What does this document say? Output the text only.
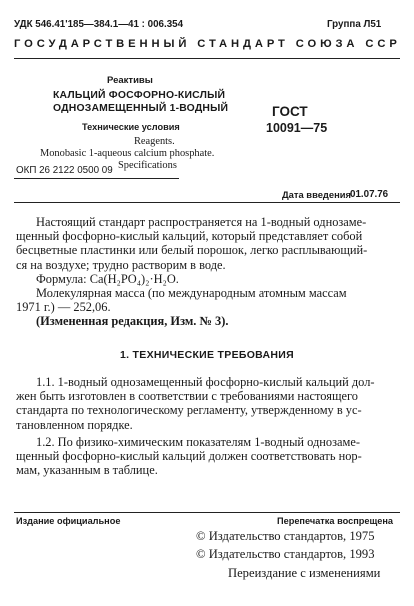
УДК 546.41'185—384.1—41 : 006.354	Группа Л51
ГОСУДАРСТВЕННЫЙ СТАНДАРТ СОЮЗА ССР
Реактивы
КАЛЬЦИЙ ФОСФОРНО-КИСЛЫЙ
ОДНОЗАМЕЩЕННЫЙ 1-ВОДНЫЙ
Технические условия
Reagents.
Monobasic 1-aqueous calcium phosphate.
Specifications
ОКП 26 2122 0500 09
ГОСТ
10091—75
Дата введения 01.07.76

Настоящий стандарт распространяется на 1-водный однозаме-

щенный фосфорно-кислый кальций, который представляет собой

бесцветные пластинки или белый порошок, легко расплывающий-

ся на воздухе; трудно растворим в воде.

Формула: Ca(H₂PO₄)₂·H₂O.

Молекулярная масса (по международным атомным массам

1971 г.) — 252,06.

(Измененная редакция, Изм. № 3).

1. ТЕХНИЧЕСКИЕ ТРЕБОВАНИЯ

1.1. 1-водный однозамещенный фосфорно-кислый кальций дол-

жен быть изготовлен в соответствии с требованиями настоящего

стандарта по технологическому регламенту, утвержденному в ус-

тановленном порядке.

1.2. По физико-химическим показателям 1-водный однозаме-

щенный фосфорно-кислый кальций должен соответствовать нор-

мам, указанным в таблице.

Издание официальное	Перепечатка воспрещена
© Издательство стандартов, 1975
© Издательство стандартов, 1993
Переиздание с изменениями
